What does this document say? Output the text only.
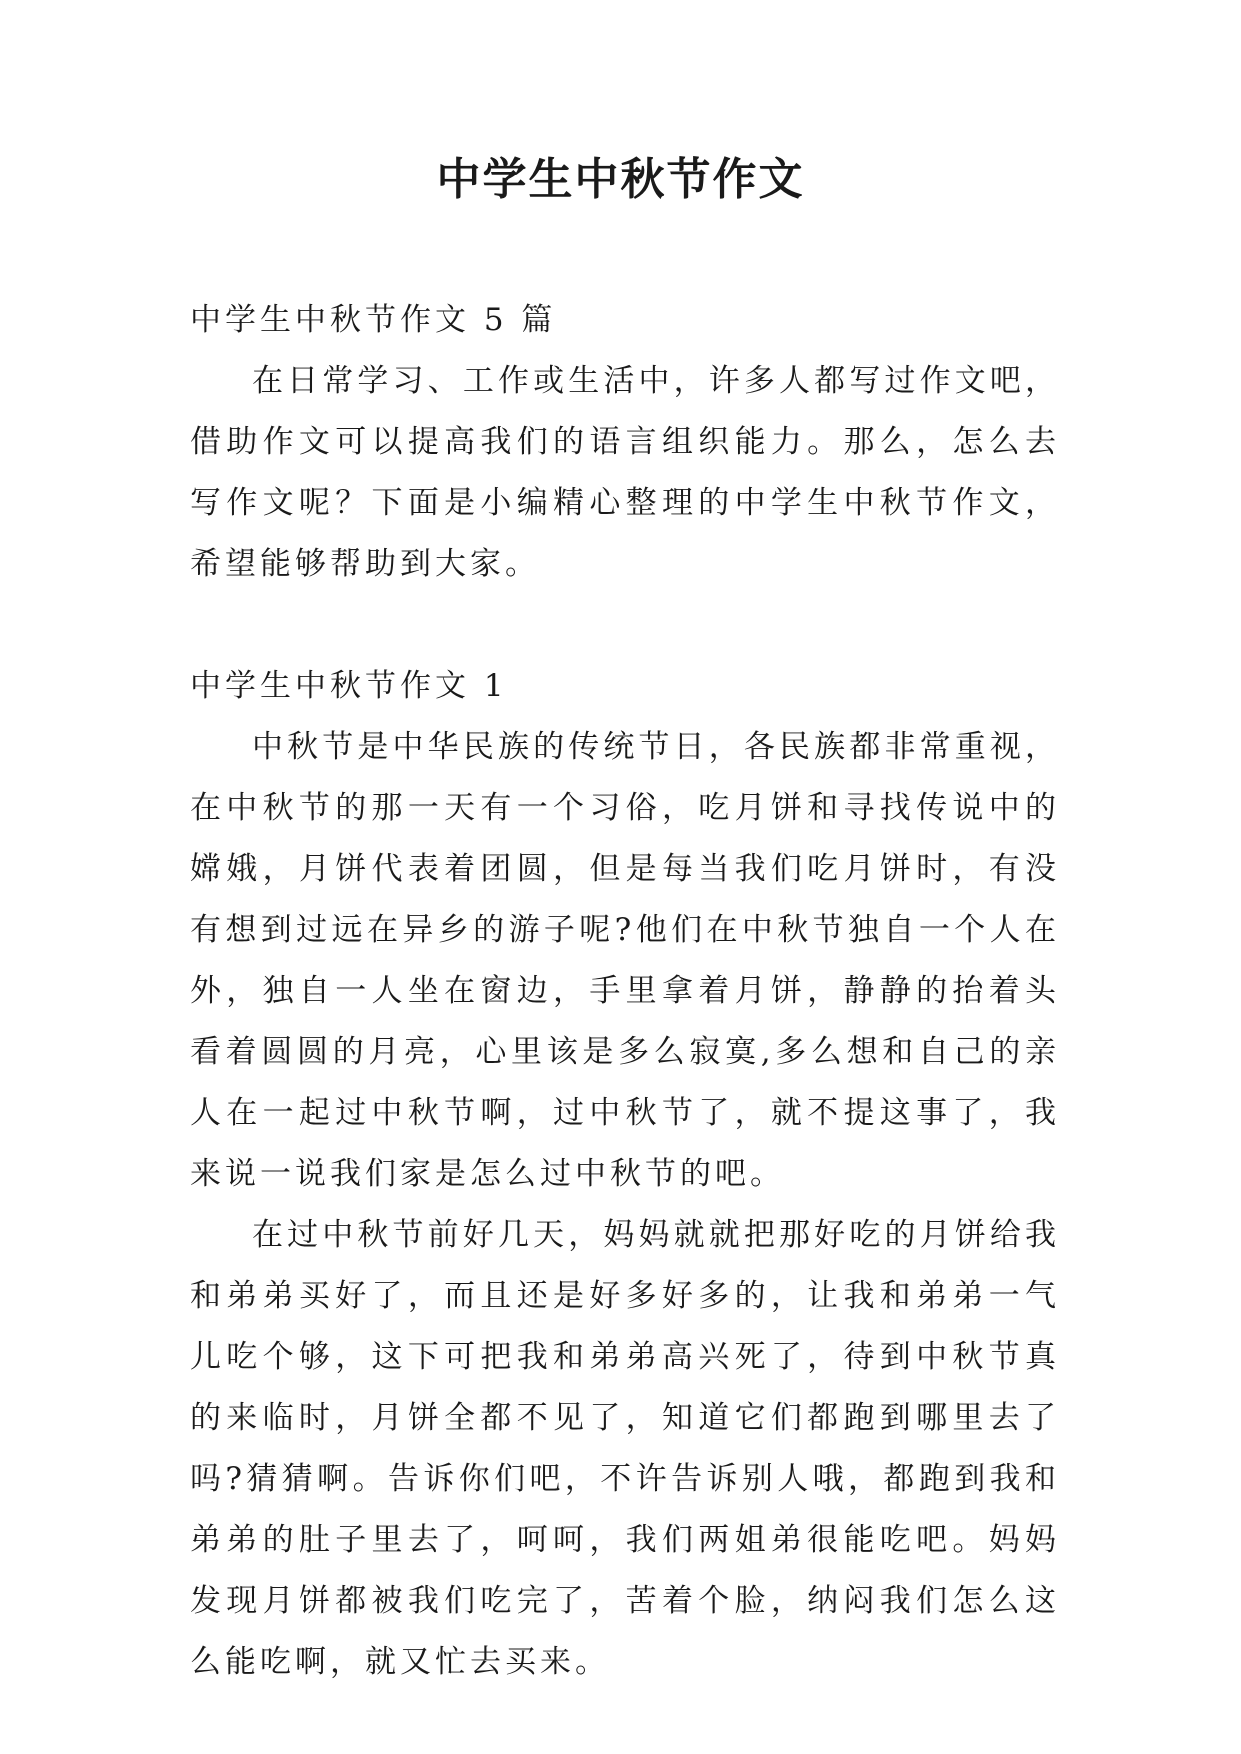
中学生中秋节作文

中学生中秋节作文 5 篇

在日常学习、工作或生活中，许多人都写过作文吧，借助作文可以提高我们的语言组织能力。那么，怎么去写作文呢？下面是小编精心整理的中学生中秋节作文，希望能够帮助到大家。

中学生中秋节作文 1

中秋节是中华民族的传统节日，各民族都非常重视，在中秋节的那一天有一个习俗，吃月饼和寻找传说中的嫦娥，月饼代表着团圆，但是每当我们吃月饼时，有没有想到过远在异乡的游子呢?他们在中秋节独自一个人在外，独自一人坐在窗边，手里拿着月饼，静静的抬着头看着圆圆的月亮，心里该是多么寂寞,多么想和自己的亲人在一起过中秋节啊，过中秋节了，就不提这事了，我来说一说我们家是怎么过中秋节的吧。

在过中秋节前好几天，妈妈就就把那好吃的月饼给我和弟弟买好了，而且还是好多好多的，让我和弟弟一气儿吃个够，这下可把我和弟弟高兴死了，待到中秋节真的来临时，月饼全都不见了，知道它们都跑到哪里去了吗?猜猜啊。告诉你们吧，不许告诉别人哦，都跑到我和弟弟的肚子里去了，呵呵，我们两姐弟很能吃吧。妈妈发现月饼都被我们吃完了，苦着个脸，纳闷我们怎么这么能吃啊，就又忙去买来。
